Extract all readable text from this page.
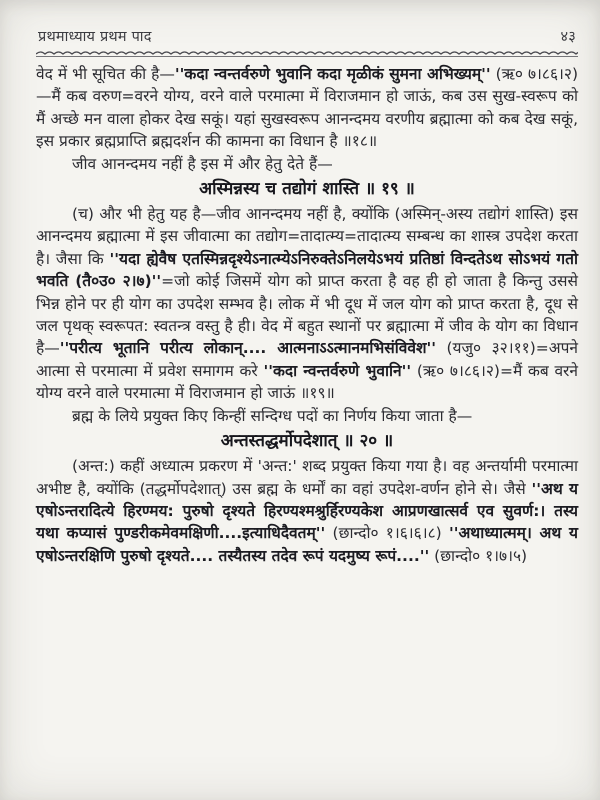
प्रथमाध्याय प्रथम पाद	४३

वेद में भी सूचित की है—''कदा न्वन्तर्वरुणे भुवानि कदा मृळीकं सुमना अभिख्यम्'' (ऋ० ७।८६।२)—मैं कब वरुण=वरने योग्य, वरने वाले परमात्मा में विराजमान हो जाऊं, कब उस सुख-स्वरूप को मैं अच्छे मन वाला होकर देख सकूं। यहां सुखस्वरूप आनन्दमय वरणीय ब्रह्मात्मा को कब देख सकूं, इस प्रकार ब्रह्मप्राप्ति ब्रह्मदर्शन की कामना का विधान है ॥१८॥

जीव आनन्दमय नहीं है इस में और हेतु देते हैं—

अस्मिन्नस्य च तद्योगं शास्ति ॥ १९ ॥

(च) और भी हेतु यह है—जीव आनन्दमय नहीं है, क्योंकि (अस्मिन्-अस्य तद्योगं शास्ति) इस आनन्दमय ब्रह्मात्मा में इस जीवात्मा का तद्योग=तादात्म्य=तादात्म्य सम्बन्ध का शास्त्र उपदेश करता है। जैसा कि ''यदा ह्येवैष एतस्मिन्नदृश्येऽनात्म्येऽनिरुक्तेऽनिलयेऽभयं प्रतिष्ठां विन्दतेऽथ सोऽभयं गतो भवति (तै०उ० २।७)''=जो कोई जिसमें योग को प्राप्त करता है वह ही हो जाता है किन्तु उससे भिन्न होने पर ही योग का उपदेश सम्भव है। लोक में भी दूध में जल योग को प्राप्त करता है, दूध से जल पृथक् स्वरूपत: स्वतन्त्र वस्तु है ही। वेद में बहुत स्थानों पर ब्रह्मात्मा में जीव के योग का विधान है—''परीत्य भूतानि परीत्य लोकान्.... आत्मनाऽऽत्मानमभिसंविवेश'' (यजु० ३२।११)=अपने आत्मा से परमात्मा में प्रवेश समागम करे ''कदा न्वन्तर्वरुणे भुवानि'' (ऋ० ७।८६।२)=मैं कब वरने योग्य वरने वाले परमात्मा में विराजमान हो जाऊं ॥१९॥

ब्रह्म के लिये प्रयुक्त किए किन्हीं सन्दिग्ध पदों का निर्णय किया जाता है—

अन्तस्तद्धर्मोपदेशात् ॥ २० ॥

(अन्त:) कहीं अध्यात्म प्रकरण में 'अन्त:' शब्द प्रयुक्त किया गया है। वह अन्तर्यामी परमात्मा अभीष्ट है, क्योंकि (तद्धर्मोपदेशात्) उस ब्रह्म के धर्मों का वहां उपदेश-वर्णन होने से। जैसे ''अथ य एषोऽन्तरादित्ये हिरण्मय: पुरुषो दृश्यते हिरण्यश्मश्रुर्हिरण्यकेश आप्रणखात्सर्व एव सुवर्ण:। तस्य यथा कप्यासं पुण्डरीकमेवमक्षिणी....इत्याधिदैवतम्'' (छान्दो० १।६।६।८) ''अथाध्यात्मम्। अथ य एषोऽन्तरक्षिणि पुरुषो दृश्यते.... तस्यैतस्य तदेव रूपं यदमुष्य रूपं....'' (छान्दो० १।७।५)
